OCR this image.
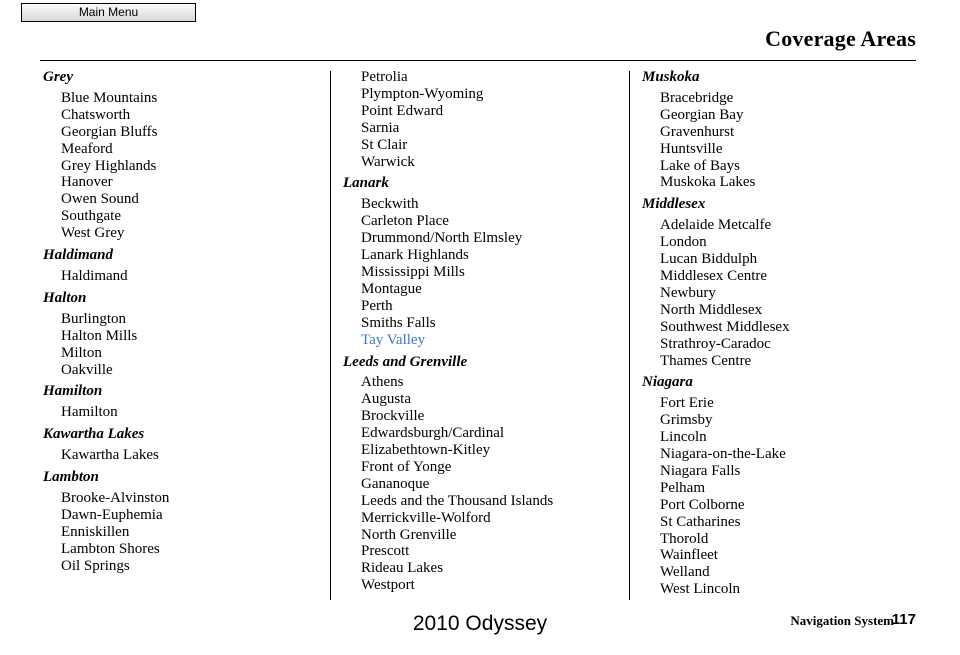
Main Menu
Coverage Areas
Grey
Blue Mountains
Chatsworth
Georgian Bluffs
Meaford
Grey Highlands
Hanover
Owen Sound
Southgate
West Grey
Haldimand
Haldimand
Halton
Burlington
Halton Mills
Milton
Oakville
Hamilton
Hamilton
Kawartha Lakes
Kawartha Lakes
Lambton
Brooke-Alvinston
Dawn-Euphemia
Enniskillen
Lambton Shores
Oil Springs
Petrolia
Plympton-Wyoming
Point Edward
Sarnia
St Clair
Warwick
Lanark
Beckwith
Carleton Place
Drummond/North Elmsley
Lanark Highlands
Mississippi Mills
Montague
Perth
Smiths Falls
Tay Valley
Leeds and Grenville
Athens
Augusta
Brockville
Edwardsburgh/Cardinal
Elizabethtown-Kitley
Front of Yonge
Gananoque
Leeds and the Thousand Islands
Merrickville-Wolford
North Grenville
Prescott
Rideau Lakes
Westport
Muskoka
Bracebridge
Georgian Bay
Gravenhurst
Huntsville
Lake of Bays
Muskoka Lakes
Middlesex
Adelaide Metcalfe
London
Lucan Biddulph
Middlesex Centre
Newbury
North Middlesex
Southwest Middlesex
Strathroy-Caradoc
Thames Centre
Niagara
Fort Erie
Grimsby
Lincoln
Niagara-on-the-Lake
Niagara Falls
Pelham
Port Colborne
St Catharines
Thorold
Wainfleet
Welland
West Lincoln
Navigation System
117
2010 Odyssey
